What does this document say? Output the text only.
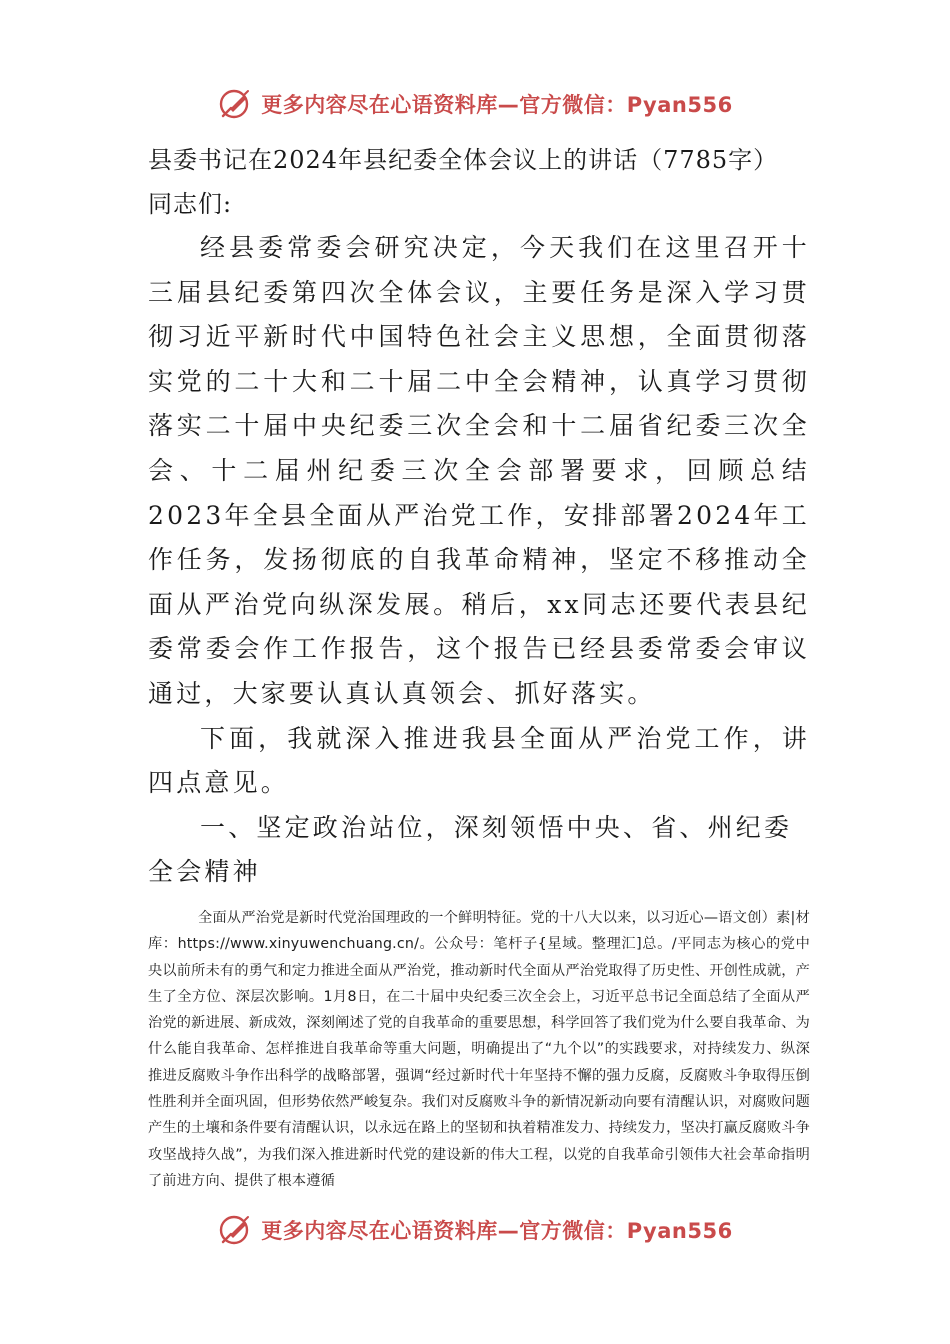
更多内容尽在心语资料库—官方微信：Pyan556

县委书记在2024年县纪委全体会议上的讲话（7785字）

同志们:

经县委常委会研究决定，今天我们在这里召开十三届县纪委第四次全体会议，主要任务是深入学习贯彻习近平新时代中国特色社会主义思想，全面贯彻落实党的二十大和二十届二中全会精神，认真学习贯彻落实二十届中央纪委三次全会和十二届省纪委三次全会、十二届州纪委三次全会部署要求，回顾总结2023年全县全面从严治党工作，安排部署2024年工作任务，发扬彻底的自我革命精神，坚定不移推动全面从严治党向纵深发展。稍后，xx同志还要代表县纪委常委会作工作报告，这个报告已经县委常委会审议通过，大家要认真认真领会、抓好落实。

下面，我就深入推进我县全面从严治党工作，讲四点意见。

一、坚定政治站位，深刻领悟中央、省、州纪委全会精神

全面从严治党是新时代党治国理政的一个鲜明特征。党的十八大以来，以习近心—语文创）素|材库：https://www.xinyuwenchuang.cn/。公众号：笔杆子{星域。整理汇]总。/平同志为核心的党中央以前所未有的勇气和定力推进全面从严治党，推动新时代全面从严治党取得了历史性、开创性成就，产生了全方位、深层次影响。1月8日，在二十届中央纪委三次全会上，习近平总书记全面总结了全面从严治党的新进展、新成效，深刻阐述了党的自我革命的重要思想，科学回答了我们党为什么要自我革命、为什么能自我革命、怎样推进自我革命等重大问题，明确提出了“九个以”的实践要求，对持续发力、纵深推进反腐败斗争作出科学的战略部署，强调“经过新时代十年坚持不懈的强力反腐，反腐败斗争取得压倒性胜利并全面巩固，但形势依然严峻复杂。我们对反腐败斗争的新情况新动向要有清醒认识，对腐败问题产生的土壤和条件要有清醒认识，以永远在路上的坚韧和执着精准发力、持续发力，坚决打赢反腐败斗争攻坚战持久战”，为我们深入推进新时代党的建设新的伟大工程，以党的自我革命引领伟大社会革命指明了前进方向、提供了根本遵循

更多内容尽在心语资料库—官方微信：Pyan556
